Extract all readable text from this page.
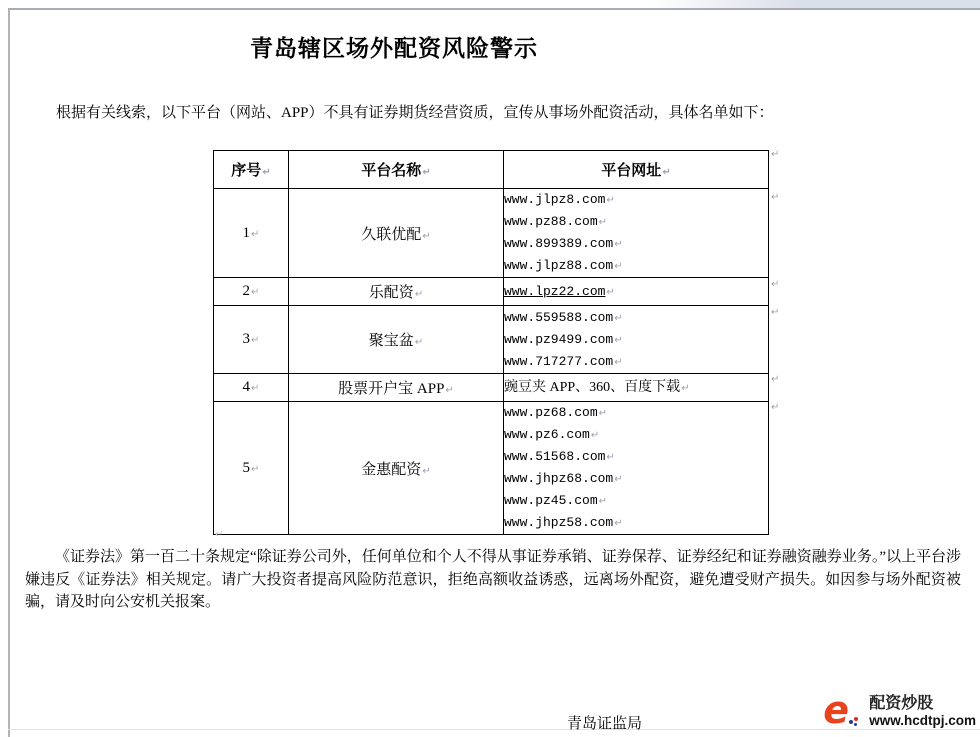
青岛辖区场外配资风险警示
根据有关线索，以下平台（网站、APP）不具有证券期货经营资质，宣传从事场外配资活动，具体名单如下：
序号↵	平台名称↵	平台网址↵
1↵	久联优配↵	www.jlpz8.com↵
www.pz88.com↵
www.899389.com↵
www.jlpz88.com↵

2↵	乐配资↵	www.lpz22.com↵

3↵	聚宝盆↵	www.559588.com↵
www.pz9499.com↵
www.717277.com↵

4↵	股票开户宝 APP↵	豌豆夹 APP、360、百度下载↵

5↵	金惠配资↵	
www.pz68.com↵
www.pz6.com↵
www.51568.com↵
www.jhpz68.com↵
www.pz45.com↵
www.jhpz58.com↵
↵
↵
↵
↵
↵
↵
↵
《证券法》第一百二十条规定“除证券公司外，任何单位和个人不得从事证券承销、证券保荐、证券经纪和证券融资融券业务。”以上平台涉嫌违反《证券法》相关规定。请广大投资者提高风险防范意识，拒绝高额收益诱惑，远离场外配资，避免遭受财产损失。如因参与场外配资被骗，请及时向公安机关报案。
青岛证监局	e	配资炒股
www.hcdtpj.com
